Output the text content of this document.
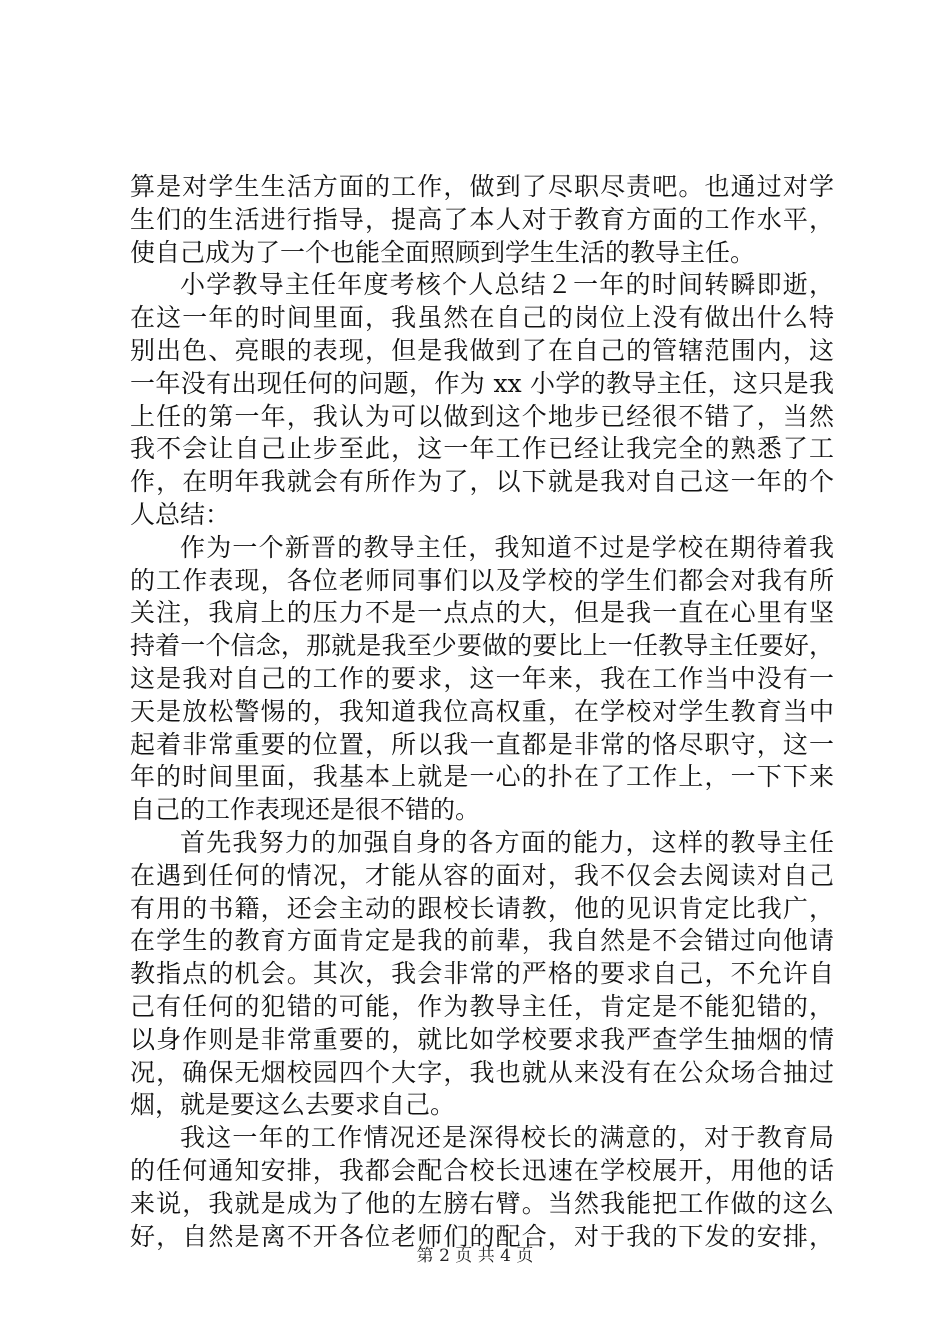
算是对学生生活方面的工作，做到了尽职尽责吧。也通过对学
生们的生活进行指导，提高了本人对于教育方面的工作水平，
使自己成为了一个也能全面照顾到学生生活的教导主任。
小学教导主任年度考核个人总结２一年的时间转瞬即逝，
在这一年的时间里面，我虽然在自己的岗位上没有做出什么特
别出色、亮眼的表现，但是我做到了在自己的管辖范围内，这
一年没有出现任何的问题，作为 xx 小学的教导主任，这只是我
上任的第一年，我认为可以做到这个地步已经很不错了，当然
我不会让自己止步至此，这一年工作已经让我完全的熟悉了工
作，在明年我就会有所作为了，以下就是我对自己这一年的个
人总结：
作为一个新晋的教导主任，我知道不过是学校在期待着我
的工作表现，各位老师同事们以及学校的学生们都会对我有所
关注，我肩上的压力不是一点点的大，但是我一直在心里有坚
持着一个信念，那就是我至少要做的要比上一任教导主任要好，
这是我对自己的工作的要求，这一年来，我在工作当中没有一
天是放松警惕的，我知道我位高权重，在学校对学生教育当中
起着非常重要的位置，所以我一直都是非常的恪尽职守，这一
年的时间里面，我基本上就是一心的扑在了工作上，一下下来
自己的工作表现还是很不错的。
首先我努力的加强自身的各方面的能力，这样的教导主任
在遇到任何的情况，才能从容的面对，我不仅会去阅读对自己
有用的书籍，还会主动的跟校长请教，他的见识肯定比我广，
在学生的教育方面肯定是我的前辈，我自然是不会错过向他请
教指点的机会。其次，我会非常的严格的要求自己，不允许自
己有任何的犯错的可能，作为教导主任，肯定是不能犯错的，
以身作则是非常重要的，就比如学校要求我严查学生抽烟的情
况，确保无烟校园四个大字，我也就从来没有在公众场合抽过
烟，就是要这么去要求自己。
我这一年的工作情况还是深得校长的满意的，对于教育局
的任何通知安排，我都会配合校长迅速在学校展开，用他的话
来说，我就是成为了他的左膀右臂。当然我能把工作做的这么
好，自然是离不开各位老师们的配合，对于我的下发的安排，
第 2 页 共 4 页
